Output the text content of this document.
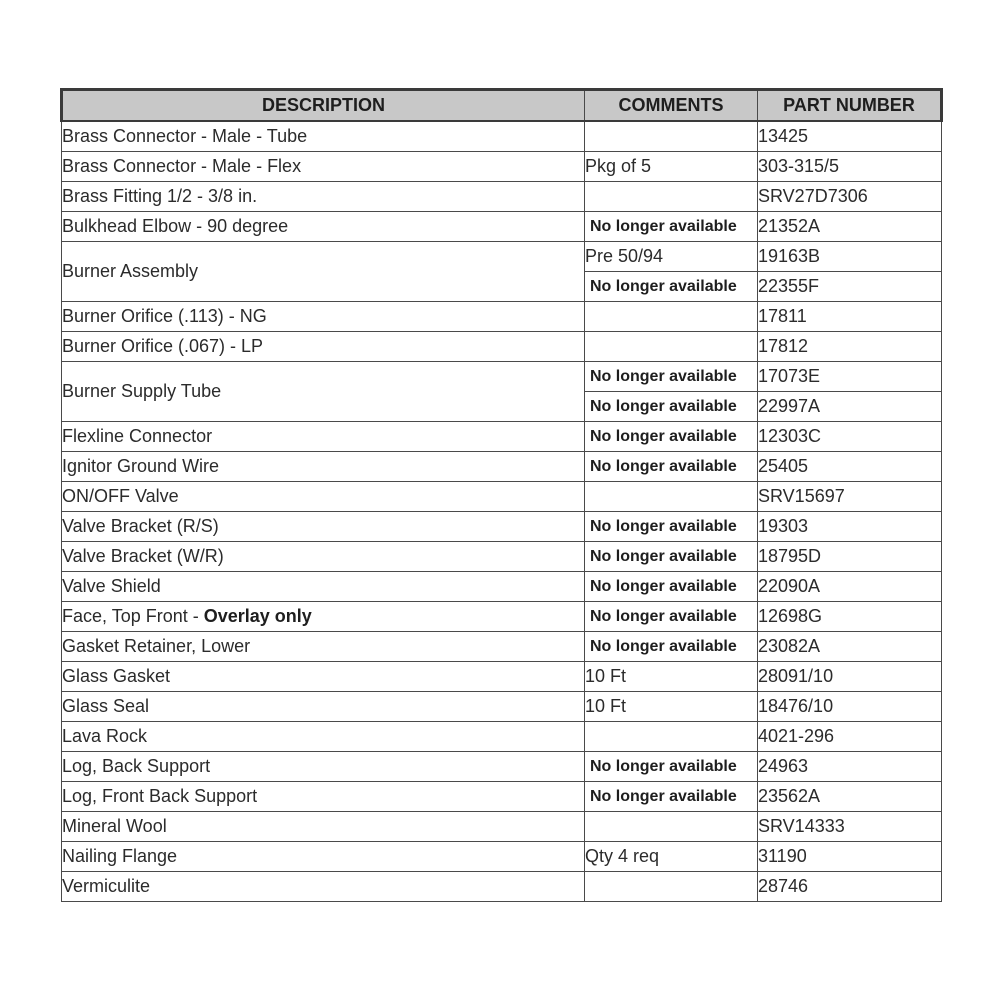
DESCRIPTION	COMMENTS	PART NUMBER
Brass Connector - Male - Tube		13425
Brass Connector - Male - Flex	Pkg of 5	303-315/5
Brass Fitting 1/2 - 3/8 in.		SRV27D7306
Bulkhead Elbow - 90 degree	No longer available	21352A
Burner Assembly	Pre 50/94	19163B
	No longer available	22355F
Burner Orifice (.113) - NG		17811
Burner Orifice (.067) - LP		17812
Burner Supply Tube	No longer available	17073E
	No longer available	22997A
Flexline Connector	No longer available	12303C
Ignitor Ground Wire	No longer available	25405
ON/OFF Valve		SRV15697
Valve Bracket (R/S)	No longer available	19303
Valve Bracket (W/R)	No longer available	18795D
Valve Shield	No longer available	22090A
Face, Top Front - Overlay only	No longer available	12698G
Gasket Retainer, Lower	No longer available	23082A
Glass Gasket	10 Ft	28091/10
Glass Seal	10 Ft	18476/10
Lava Rock		4021-296
Log, Back Support	No longer available	24963
Log, Front Back Support	No longer available	23562A
Mineral Wool		SRV14333
Nailing Flange	Qty 4 req	31190
Vermiculite		28746
